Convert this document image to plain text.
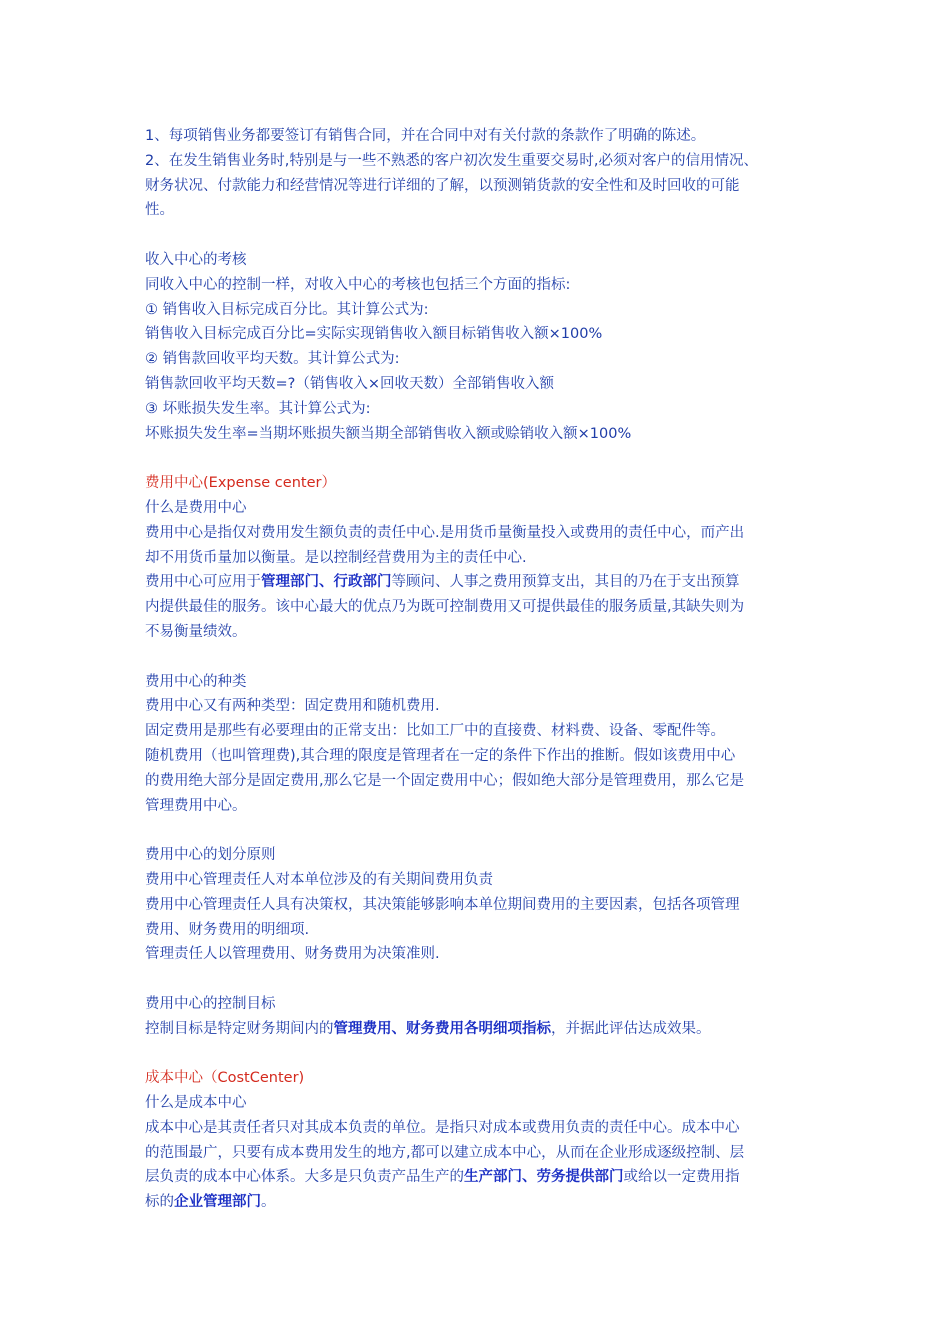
1、每项销售业务都要签订有销售合同，并在合同中对有关付款的条款作了明确的陈述。
2、在发生销售业务时,特别是与一些不熟悉的客户初次发生重要交易时,必须对客户的信用情况、
财务状况、付款能力和经营情况等进行详细的了解，以预测销货款的安全性和及时回收的可能
性。
收入中心的考核
同收入中心的控制一样，对收入中心的考核也包括三个方面的指标:
① 销售收入目标完成百分比。其计算公式为:
销售收入目标完成百分比=实际实现销售收入额目标销售收入额×100%
② 销售款回收平均天数。其计算公式为:
销售款回收平均天数=?（销售收入×回收天数）全部销售收入额
③ 坏账损失发生率。其计算公式为:
坏账损失发生率=当期坏账损失额当期全部销售收入额或赊销收入额×100%
费用中心(Expense center）
什么是费用中心
费用中心是指仅对费用发生额负责的责任中心.是用货币量衡量投入或费用的责任中心，而产出
却不用货币量加以衡量。是以控制经营费用为主的责任中心.
费用中心可应用于管理部门、行政部门等顾问、人事之费用预算支出，其目的乃在于支出预算
内提供最佳的服务。该中心最大的优点乃为既可控制费用又可提供最佳的服务质量,其缺失则为
不易衡量绩效。
费用中心的种类
费用中心又有两种类型：固定费用和随机费用.
固定费用是那些有必要理由的正常支出：比如工厂中的直接费、材料费、设备、零配件等。
随机费用（也叫管理费),其合理的限度是管理者在一定的条件下作出的推断。假如该费用中心
的费用绝大部分是固定费用,那么它是一个固定费用中心；假如绝大部分是管理费用，那么它是
管理费用中心。
费用中心的划分原则
费用中心管理责任人对本单位涉及的有关期间费用负责
费用中心管理责任人具有决策权，其决策能够影响本单位期间费用的主要因素，包括各项管理
费用、财务费用的明细项.
管理责任人以管理费用、财务费用为决策准则.
费用中心的控制目标
控制目标是特定财务期间内的管理费用、财务费用各明细项指标，并据此评估达成效果。
成本中心（CostCenter)
什么是成本中心
成本中心是其责任者只对其成本负责的单位。是指只对成本或费用负责的责任中心。成本中心
的范围最广，只要有成本费用发生的地方,都可以建立成本中心，从而在企业形成逐级控制、层
层负责的成本中心体系。大多是只负责产品生产的生产部门、劳务提供部门或给以一定费用指
标的企业管理部门。
